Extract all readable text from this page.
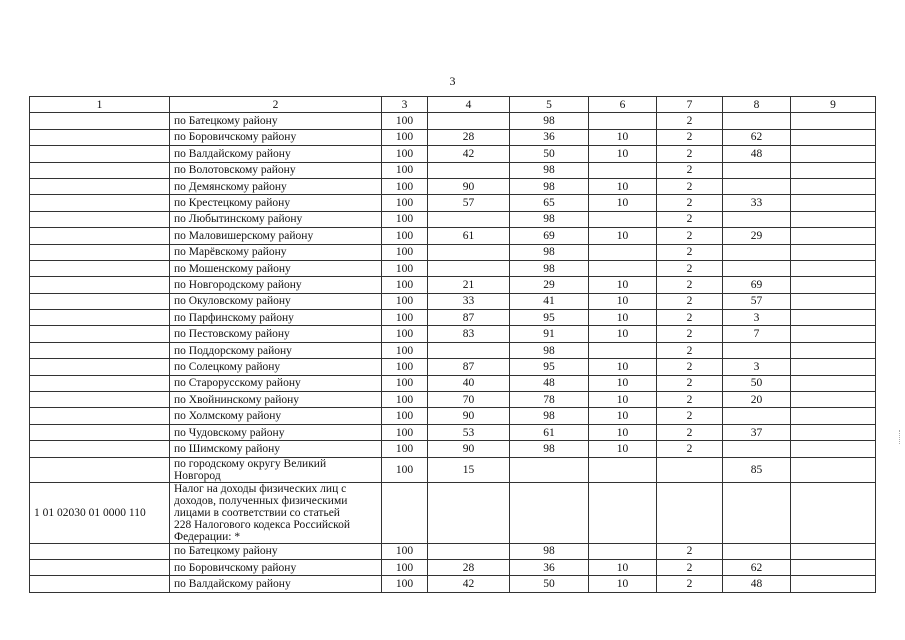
3
1	2	3	4	5	6	7	8	9
	по Батецкому району	100		98		2		
	по Боровичскому району	100	28	36	10	2	62	
	по Валдайскому району	100	42	50	10	2	48	
	по Волотовскому району	100		98		2		
	по Демянскому району	100	90	98	10	2		
	по Крестецкому району	100	57	65	10	2	33	
	по Любытинскому району	100		98		2		
	по Маловишерскому району	100	61	69	10	2	29	
	по Марёвскому району	100		98		2		
	по Мошенскому району	100		98		2		
	по Новгородскому району	100	21	29	10	2	69	
	по Окуловскому району	100	33	41	10	2	57	
	по Парфинскому району	100	87	95	10	2	3	
	по Пестовскому району	100	83	91	10	2	7	
	по Поддорскому району	100		98		2		
	по Солецкому району	100	87	95	10	2	3	
	по Старорусскому району	100	40	48	10	2	50	
	по Хвойнинскому району	100	70	78	10	2	20	
	по Холмскому району	100	90	98	10	2		
	по Чудовскому району	100	53	61	10	2	37	
	по Шимскому району	100	90	98	10	2		
	по городскому округу Великий
Новгород	100	15				85	
1 01 02030 01 0000 110	Налог на доходы физических лиц с
доходов, полученных физическими
лицами в соответствии со статьей
228 Налогового кодекса Российской
Федерации: *							
	по Батецкому району	100		98		2		
	по Боровичскому району	100	28	36	10	2	62	
	по Валдайскому району	100	42	50	10	2	48	
